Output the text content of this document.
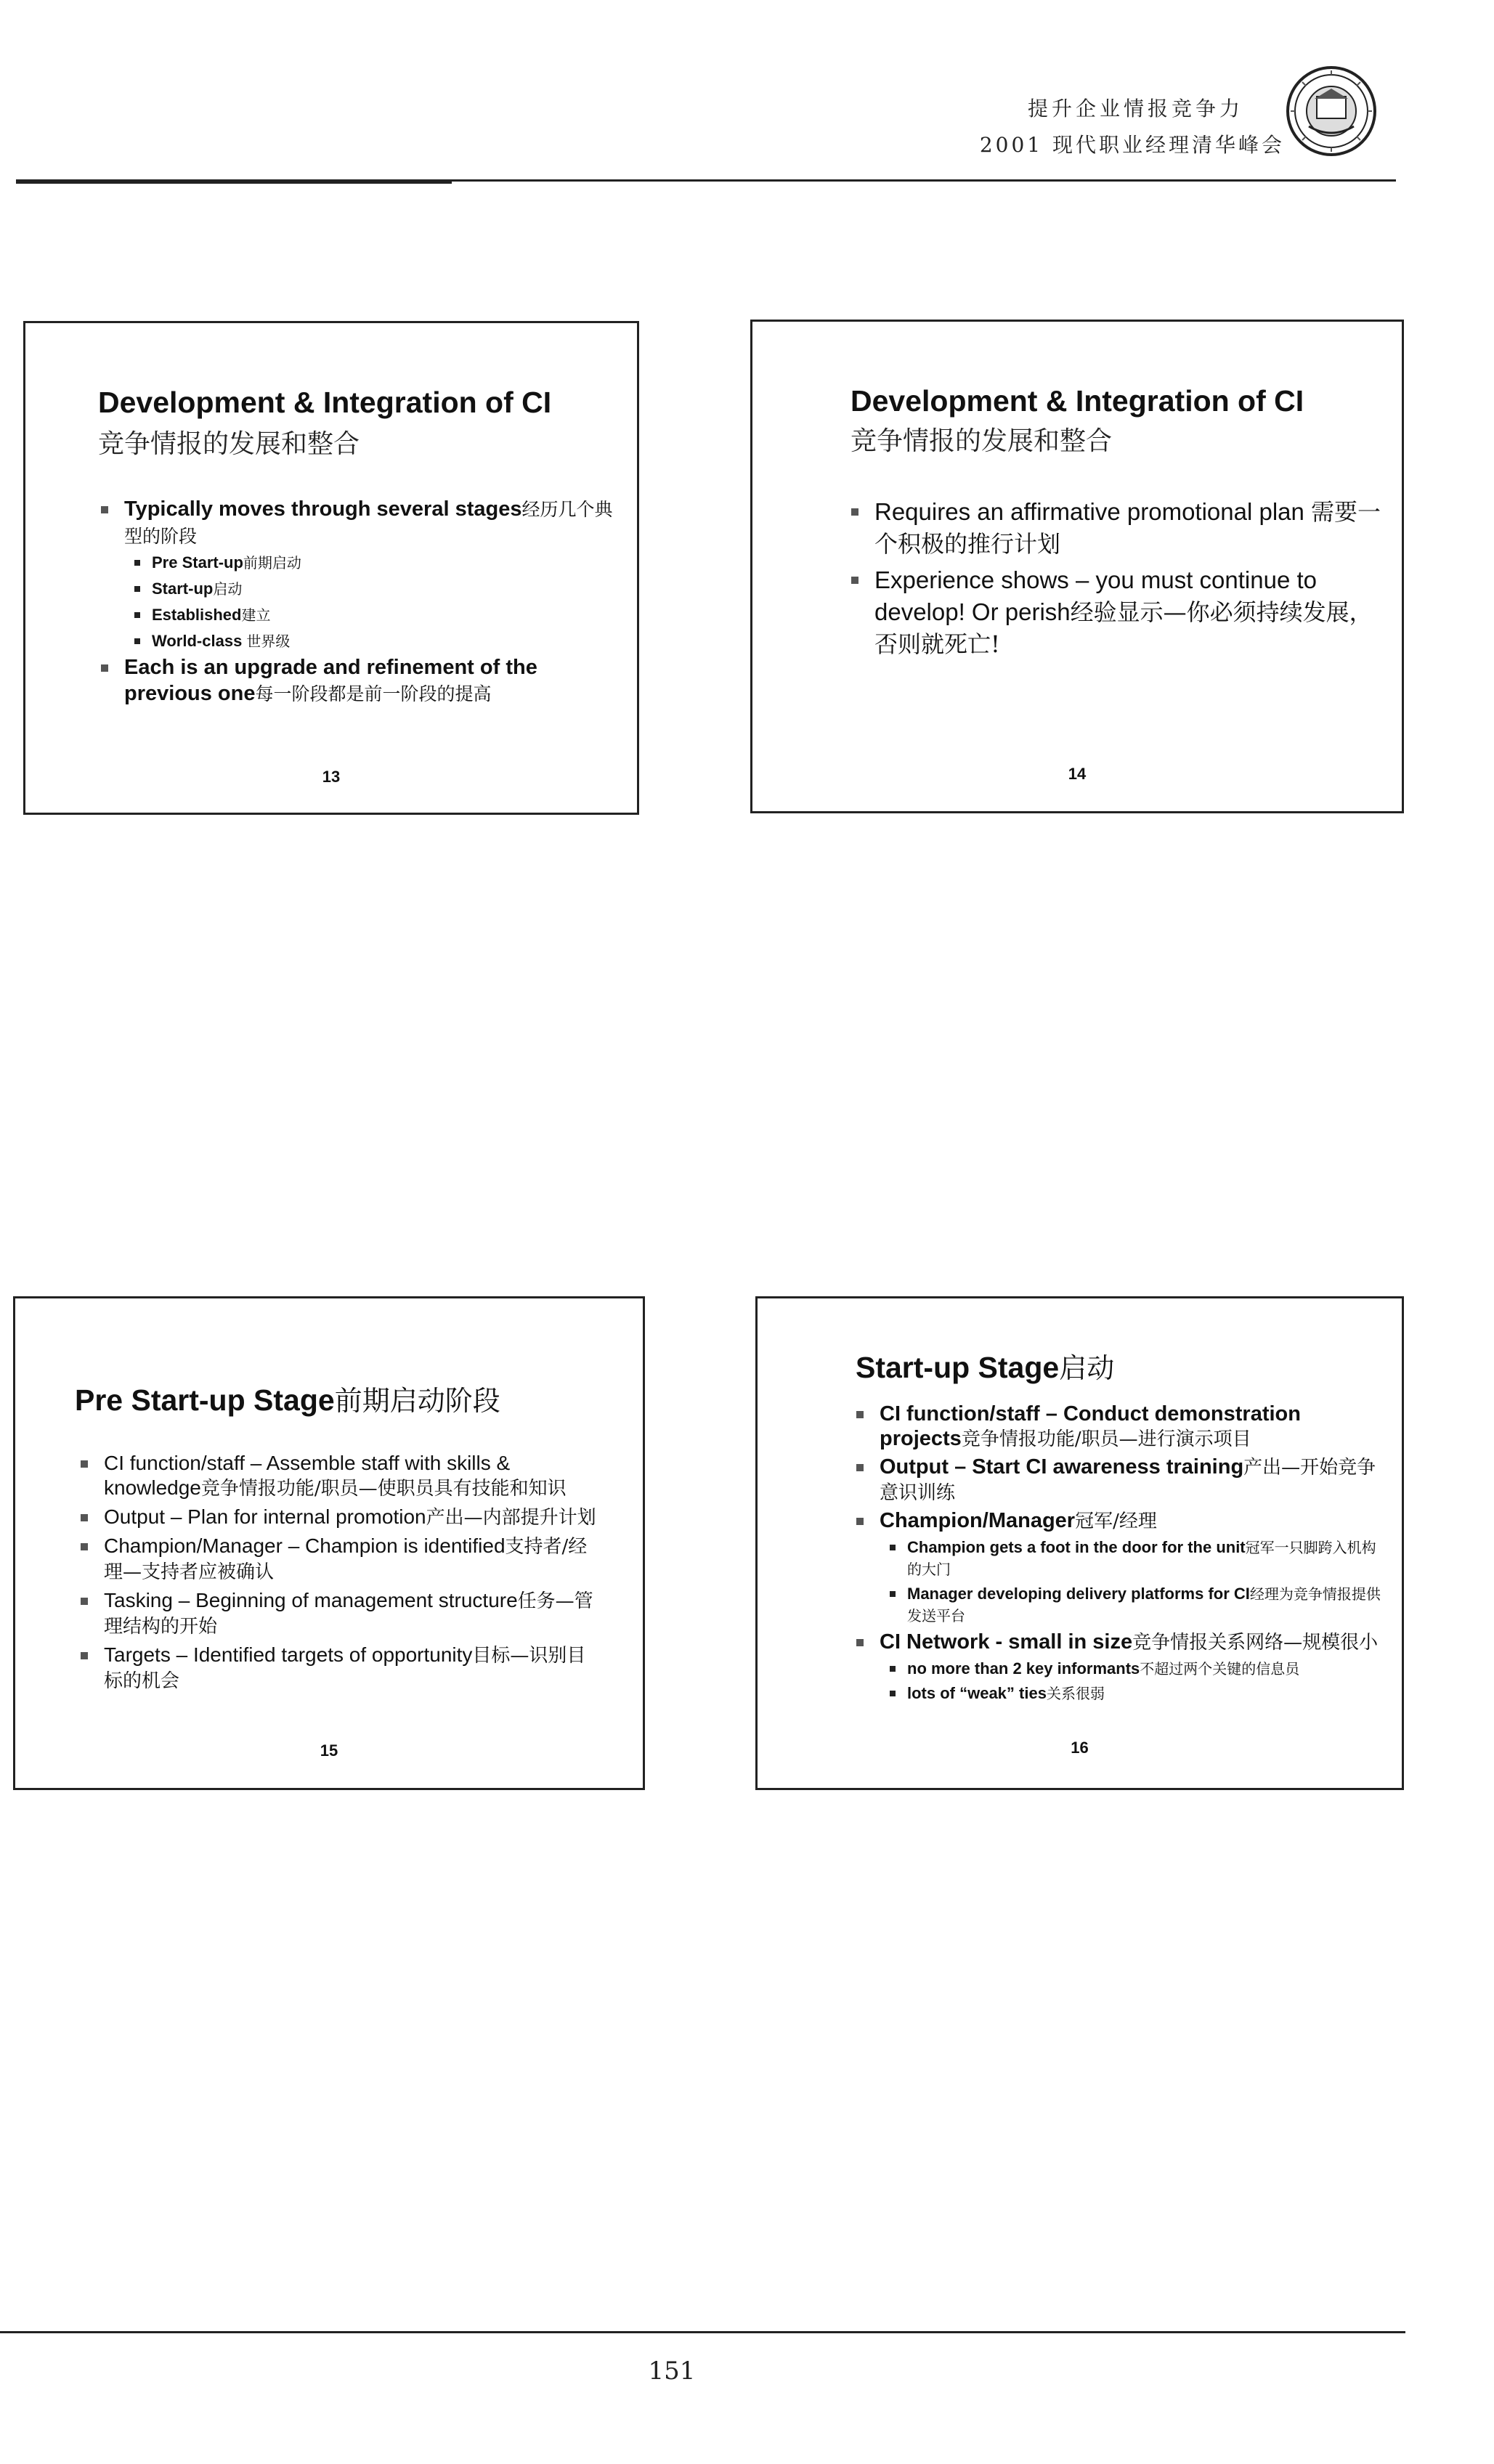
提升企业情报竞争力
2001 现代职业经理清华峰会
Development & Integration of CI
竞争情报的发展和整合
Typically moves through several stages经历几个典型的阶段
Pre Start-up前期启动
Start-up启动
Established建立
World-class 世界级
Each is an upgrade and refinement of the previous one每一阶段都是前一阶段的提高
13
Development & Integration of CI
竞争情报的发展和整合
Requires an affirmative promotional plan 需要一个积极的推行计划
Experience shows – you must continue to develop! Or perish经验显示—你必须持续发展，否则就死亡!
14
Pre Start-up Stage前期启动阶段
CI function/staff – Assemble staff with skills & knowledge竞争情报功能/职员—使职员具有技能和知识
Output – Plan for internal promotion产出—内部提升计划
Champion/Manager – Champion is identified支持者/经理—支持者应被确认
Tasking – Beginning of management structure任务—管理结构的开始
Targets – Identified targets of opportunity目标—识别目标的机会
15
Start-up Stage启动
CI function/staff – Conduct demonstration projects竞争情报功能/职员—进行演示项目
Output – Start CI awareness training产出—开始竞争意识训练
Champion/Manager冠军/经理
Champion gets a foot in the door for the unit冠军一只脚跨入机构的大门
Manager developing delivery platforms for CI经理为竞争情报提供发送平台
CI Network - small in size竞争情报关系网络—规模很小
no more than 2 key informants不超过两个关键的信息员
lots of “weak” ties关系很弱
16
151
